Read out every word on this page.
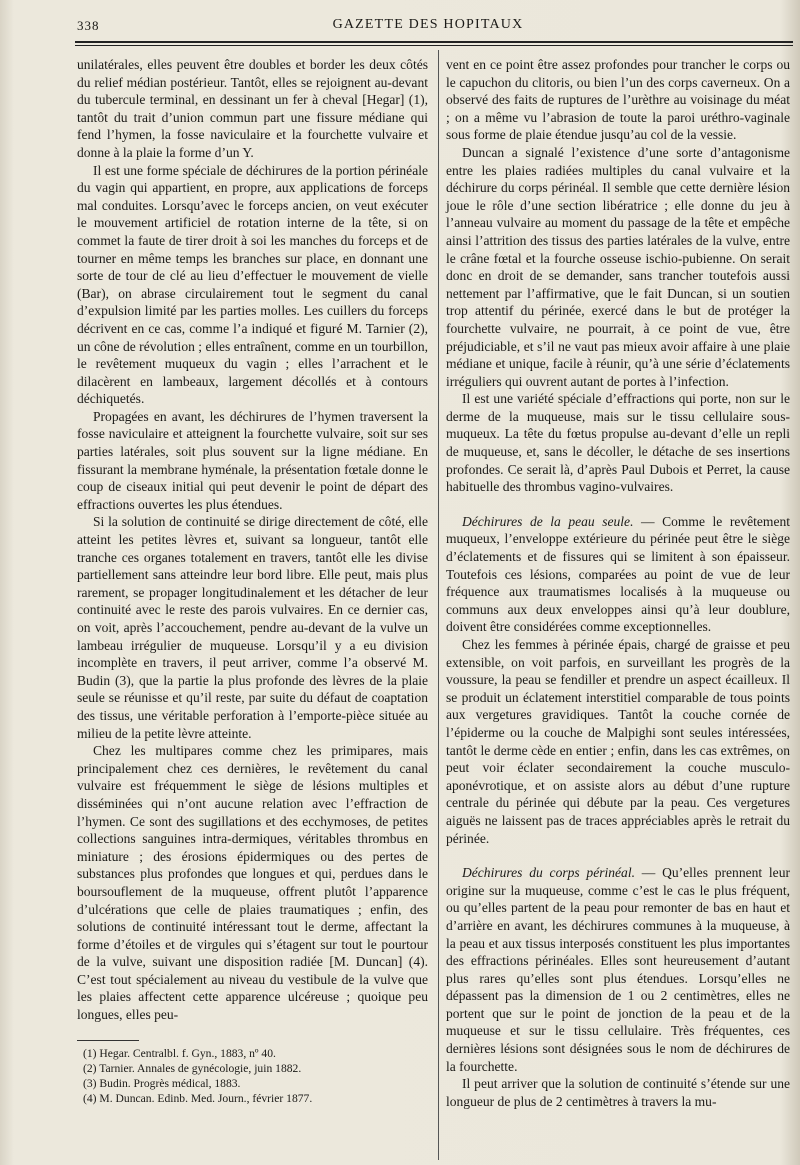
338	GAZETTE DES HOPITAUX

unilatérales, elles peuvent être doubles et border les deux côtés du relief médian postérieur. Tantôt, elles se rejoignent au-devant du tubercule terminal, en dessinant un fer à cheval [Hegar] (1), tantôt du trait d’union commun part une fissure médiane qui fend l’hymen, la fosse naviculaire et la fourchette vulvaire et donne à la plaie la forme d’un Y.

Il est une forme spéciale de déchirures de la portion périnéale du vagin qui appartient, en propre, aux applications de forceps mal conduites. Lorsqu’avec le forceps ancien, on veut exécuter le mouvement artificiel de rotation interne de la tête, si on commet la faute de tirer droit à soi les manches du forceps et de tourner en même temps les branches sur place, en donnant une sorte de tour de clé au lieu d’effectuer le mouvement de vielle (Bar), on abrase circulairement tout le segment du canal d’expulsion limité par les parties molles. Les cuillers du forceps décrivent en ce cas, comme l’a indiqué et figuré M. Tarnier (2), un cône de révolution ; elles entraînent, comme en un tourbillon, le revêtement muqueux du vagin ; elles l’arrachent et le dilacèrent en lambeaux, largement décollés et à contours déchiquetés.

Propagées en avant, les déchirures de l’hymen traversent la fosse naviculaire et atteignent la fourchette vulvaire, soit sur ses parties latérales, soit plus souvent sur la ligne médiane. En fissurant la membrane hyménale, la présentation fœtale donne le coup de ciseaux initial qui peut devenir le point de départ des effractions ouvertes les plus étendues.

Si la solution de continuité se dirige directement de côté, elle atteint les petites lèvres et, suivant sa longueur, tantôt elle tranche ces organes totalement en travers, tantôt elle les divise partiellement sans atteindre leur bord libre. Elle peut, mais plus rarement, se propager longitudinalement et les détacher de leur continuité avec le reste des parois vulvaires. En ce dernier cas, on voit, après l’accouchement, pendre au-devant de la vulve un lambeau irrégulier de muqueuse. Lorsqu’il y a eu division incomplète en travers, il peut arriver, comme l’a observé M. Budin (3), que la partie la plus profonde des lèvres de la plaie seule se réunisse et qu’il reste, par suite du défaut de coaptation des tissus, une véritable perforation à l’emporte-pièce située au milieu de la petite lèvre atteinte.

Chez les multipares comme chez les primipares, mais principalement chez ces dernières, le revêtement du canal vulvaire est fréquemment le siège de lésions multiples et disséminées qui n’ont aucune relation avec l’effraction de l’hymen. Ce sont des sugillations et des ecchymoses, de petites collections sanguines intra-dermiques, véritables thrombus en miniature ; des érosions épidermiques ou des pertes de substances plus profondes que longues et qui, perdues dans le boursouflement de la muqueuse, offrent plutôt l’apparence d’ulcérations que celle de plaies traumatiques ; enfin, des solutions de continuité intéressant tout le derme, affectant la forme d’étoiles et de virgules qui s’étagent sur tout le pourtour de la vulve, suivant une disposition radiée [M. Duncan] (4). C’est tout spécialement au niveau du vestibule de la vulve que les plaies affectent cette apparence ulcéreuse ; quoique peu longues, elles peu-

(1) Hegar. Centralbl. f. Gyn., 1883, nº 40.

(2) Tarnier. Annales de gynécologie, juin 1882.

(3) Budin. Progrès médical, 1883.

(4) M. Duncan. Edinb. Med. Journ., février 1877.

vent en ce point être assez profondes pour trancher le corps ou le capuchon du clitoris, ou bien l’un des corps caverneux. On a observé des faits de ruptures de l’urèthre au voisinage du méat ; on a même vu l’abrasion de toute la paroi uréthro-vaginale sous forme de plaie étendue jusqu’au col de la vessie.

Duncan a signalé l’existence d’une sorte d’antagonisme entre les plaies radiées multiples du canal vulvaire et la déchirure du corps périnéal. Il semble que cette dernière lésion joue le rôle d’une section libératrice ; elle donne du jeu à l’anneau vulvaire au moment du passage de la tête et empêche ainsi l’attrition des tissus des parties latérales de la vulve, entre le crâne fœtal et la fourche osseuse ischio-pubienne. On serait donc en droit de se demander, sans trancher toutefois aussi nettement par l’affirmative, que le fait Duncan, si un soutien trop attentif du périnée, exercé dans le but de protéger la fourchette vulvaire, ne pourrait, à ce point de vue, être préjudiciable, et s’il ne vaut pas mieux avoir affaire à une plaie médiane et unique, facile à réunir, qu’à une série d’éclatements irréguliers qui ouvrent autant de portes à l’infection.

Il est une variété spéciale d’effractions qui porte, non sur le derme de la muqueuse, mais sur le tissu cellulaire sous-muqueux. La tête du fœtus propulse au-devant d’elle un repli de muqueuse, et, sans le décoller, le détache de ses insertions profondes. Ce serait là, d’après Paul Dubois et Perret, la cause habituelle des thrombus vagino-vulvaires.

Déchirures de la peau seule. — Comme le revêtement muqueux, l’enveloppe extérieure du périnée peut être le siège d’éclatements et de fissures qui se limitent à son épaisseur. Toutefois ces lésions, comparées au point de vue de leur fréquence aux traumatismes localisés à la muqueuse ou communs aux deux enveloppes ainsi qu’à leur doublure, doivent être considérées comme exceptionnelles.

Chez les femmes à périnée épais, chargé de graisse et peu extensible, on voit parfois, en surveillant les progrès de la voussure, la peau se fendiller et prendre un aspect écailleux. Il se produit un éclatement interstitiel comparable de tous points aux vergetures gravidiques. Tantôt la couche cornée de l’épiderme ou la couche de Malpighi sont seules intéressées, tantôt le derme cède en entier ; enfin, dans les cas extrêmes, on peut voir éclater secondairement la couche musculo-aponévrotique, et on assiste alors au début d’une rupture centrale du périnée qui débute par la peau. Ces vergetures aiguës ne laissent pas de traces appréciables après le retrait du périnée.

Déchirures du corps périnéal. — Qu’elles prennent leur origine sur la muqueuse, comme c’est le cas le plus fréquent, ou qu’elles partent de la peau pour remonter de bas en haut et d’arrière en avant, les déchirures communes à la muqueuse, à la peau et aux tissus interposés constituent les plus importantes des effractions périnéales. Elles sont heureusement d’autant plus rares qu’elles sont plus étendues. Lorsqu’elles ne dépassent pas la dimension de 1 ou 2 centimètres, elles ne portent que sur le point de jonction de la peau et de la muqueuse et sur le tissu cellulaire. Très fréquentes, ces dernières lésions sont désignées sous le nom de déchirures de la fourchette.

Il peut arriver que la solution de continuité s’étende sur une longueur de plus de 2 centimètres à travers la mu-
